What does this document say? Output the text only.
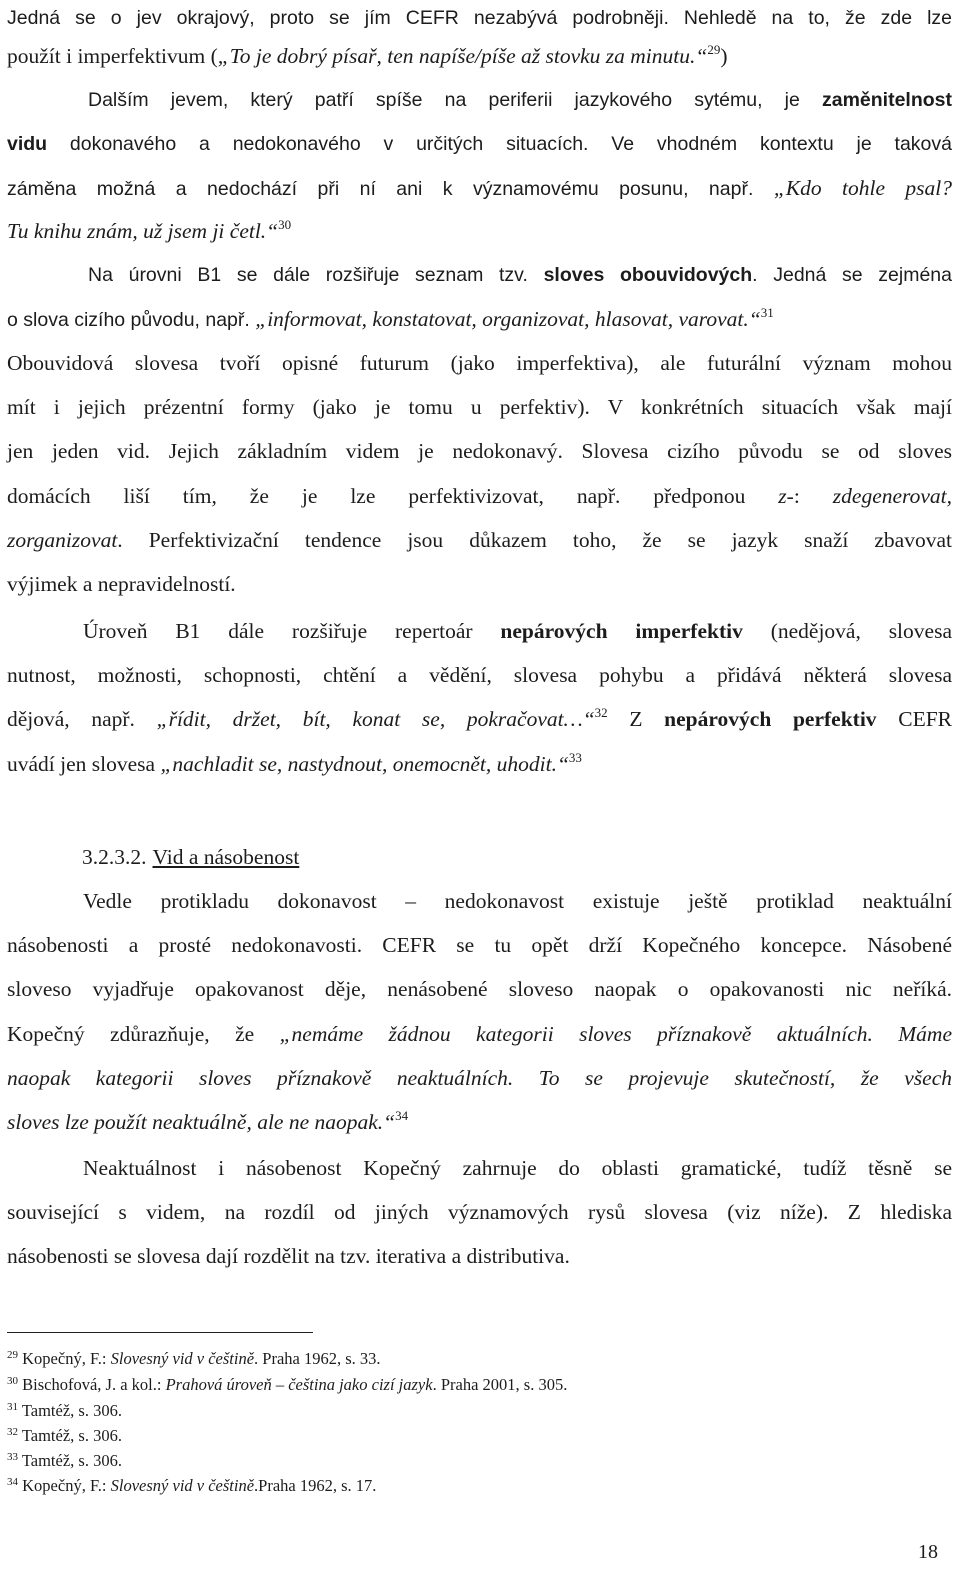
Jedná se o jev okrajový, proto se jím CEFR nezabývá podrobněji. Nehledě na to, že zde lze
použít i imperfektivum („To je dobrý písař, ten napíše/píše až stovku za minutu.“$^{29}$)
Dalším jevem, který patří spíše na periferii jazykového sytému, je zaměnitelnost
vidu dokonavého a nedokonavého v určitých situacích. Ve vhodném kontextu je taková
záměna možná a nedochází při ní ani k významovému posunu, např. „Kdo tohle psal?
Tu knihu znám, už jsem ji četl.“$^{30}$
Na úrovni B1 se dále rozšiřuje seznam tzv. sloves obouvidových. Jedná se zejména
o slova cizího původu, např. „informovat, konstatovat, organizovat, hlasovat, varovat.“$^{31}$
Obouvidová slovesa tvoří opisné futurum (jako imperfektiva), ale futurální význam mohou
mít i jejich prézentní formy (jako je tomu u perfektiv). V konkrétních situacích však mají
jen jeden vid. Jejich základním videm je nedokonavý. Slovesa cizího původu se od sloves
domácích liší tím, že je lze perfektivizovat, např. předponou z-: zdegenerovat,
zorganizovat. Perfektivizační tendence jsou důkazem toho, že se jazyk snaží zbavovat
výjimek a nepravidelností.
Úroveň B1 dále rozšiřuje repertoár nepárových imperfektiv (nedějová, slovesa
nutnost, možnosti, schopnosti, chtění a vědění, slovesa pohybu a přidává některá slovesa
dějová, např. „řídit, držet, bít, konat se, pokračovat…“$^{32}$ Z nepárových perfektiv CEFR
uvádí jen slovesa „nachladit se, nastydnout, onemocnět, uhodit.“$^{33}$
3.2.3.2. Vid a násobenost
Vedle protikladu dokonavost – nedokonavost existuje ještě protiklad neaktuální
násobenosti a prosté nedokonavosti. CEFR se tu opět drží Kopečného koncepce. Násobené
sloveso vyjadřuje opakovanost děje, nenásobené sloveso naopak o opakovanosti nic neříká.
Kopečný zdůrazňuje, že „nemáme žádnou kategorii sloves příznakově aktuálních. Máme
naopak kategorii sloves příznakově neaktuálních. To se projevuje skutečností, že všech
sloves lze použít neaktuálně, ale ne naopak.“$^{34}$
Neaktuálnost i násobenost Kopečný zahrnuje do oblasti gramatické, tudíž těsně se
související s videm, na rozdíl od jiných významových rysů slovesa (viz níže). Z hlediska
násobenosti se slovesa dají rozdělit na tzv. iterativa a distributiva.
$^{29}$ Kopečný, F.: Slovesný vid v češtině. Praha 1962, s. 33.
$^{30}$ Bischofová, J. a kol.: Prahová úroveň – čeština jako cizí jazyk. Praha 2001, s. 305.
$^{31}$ Tamtéž, s. 306.
$^{32}$ Tamtéž, s. 306.
$^{33}$ Tamtéž, s. 306.
$^{34}$ Kopečný, F.: Slovesný vid v češtině.Praha 1962, s. 17.
18
